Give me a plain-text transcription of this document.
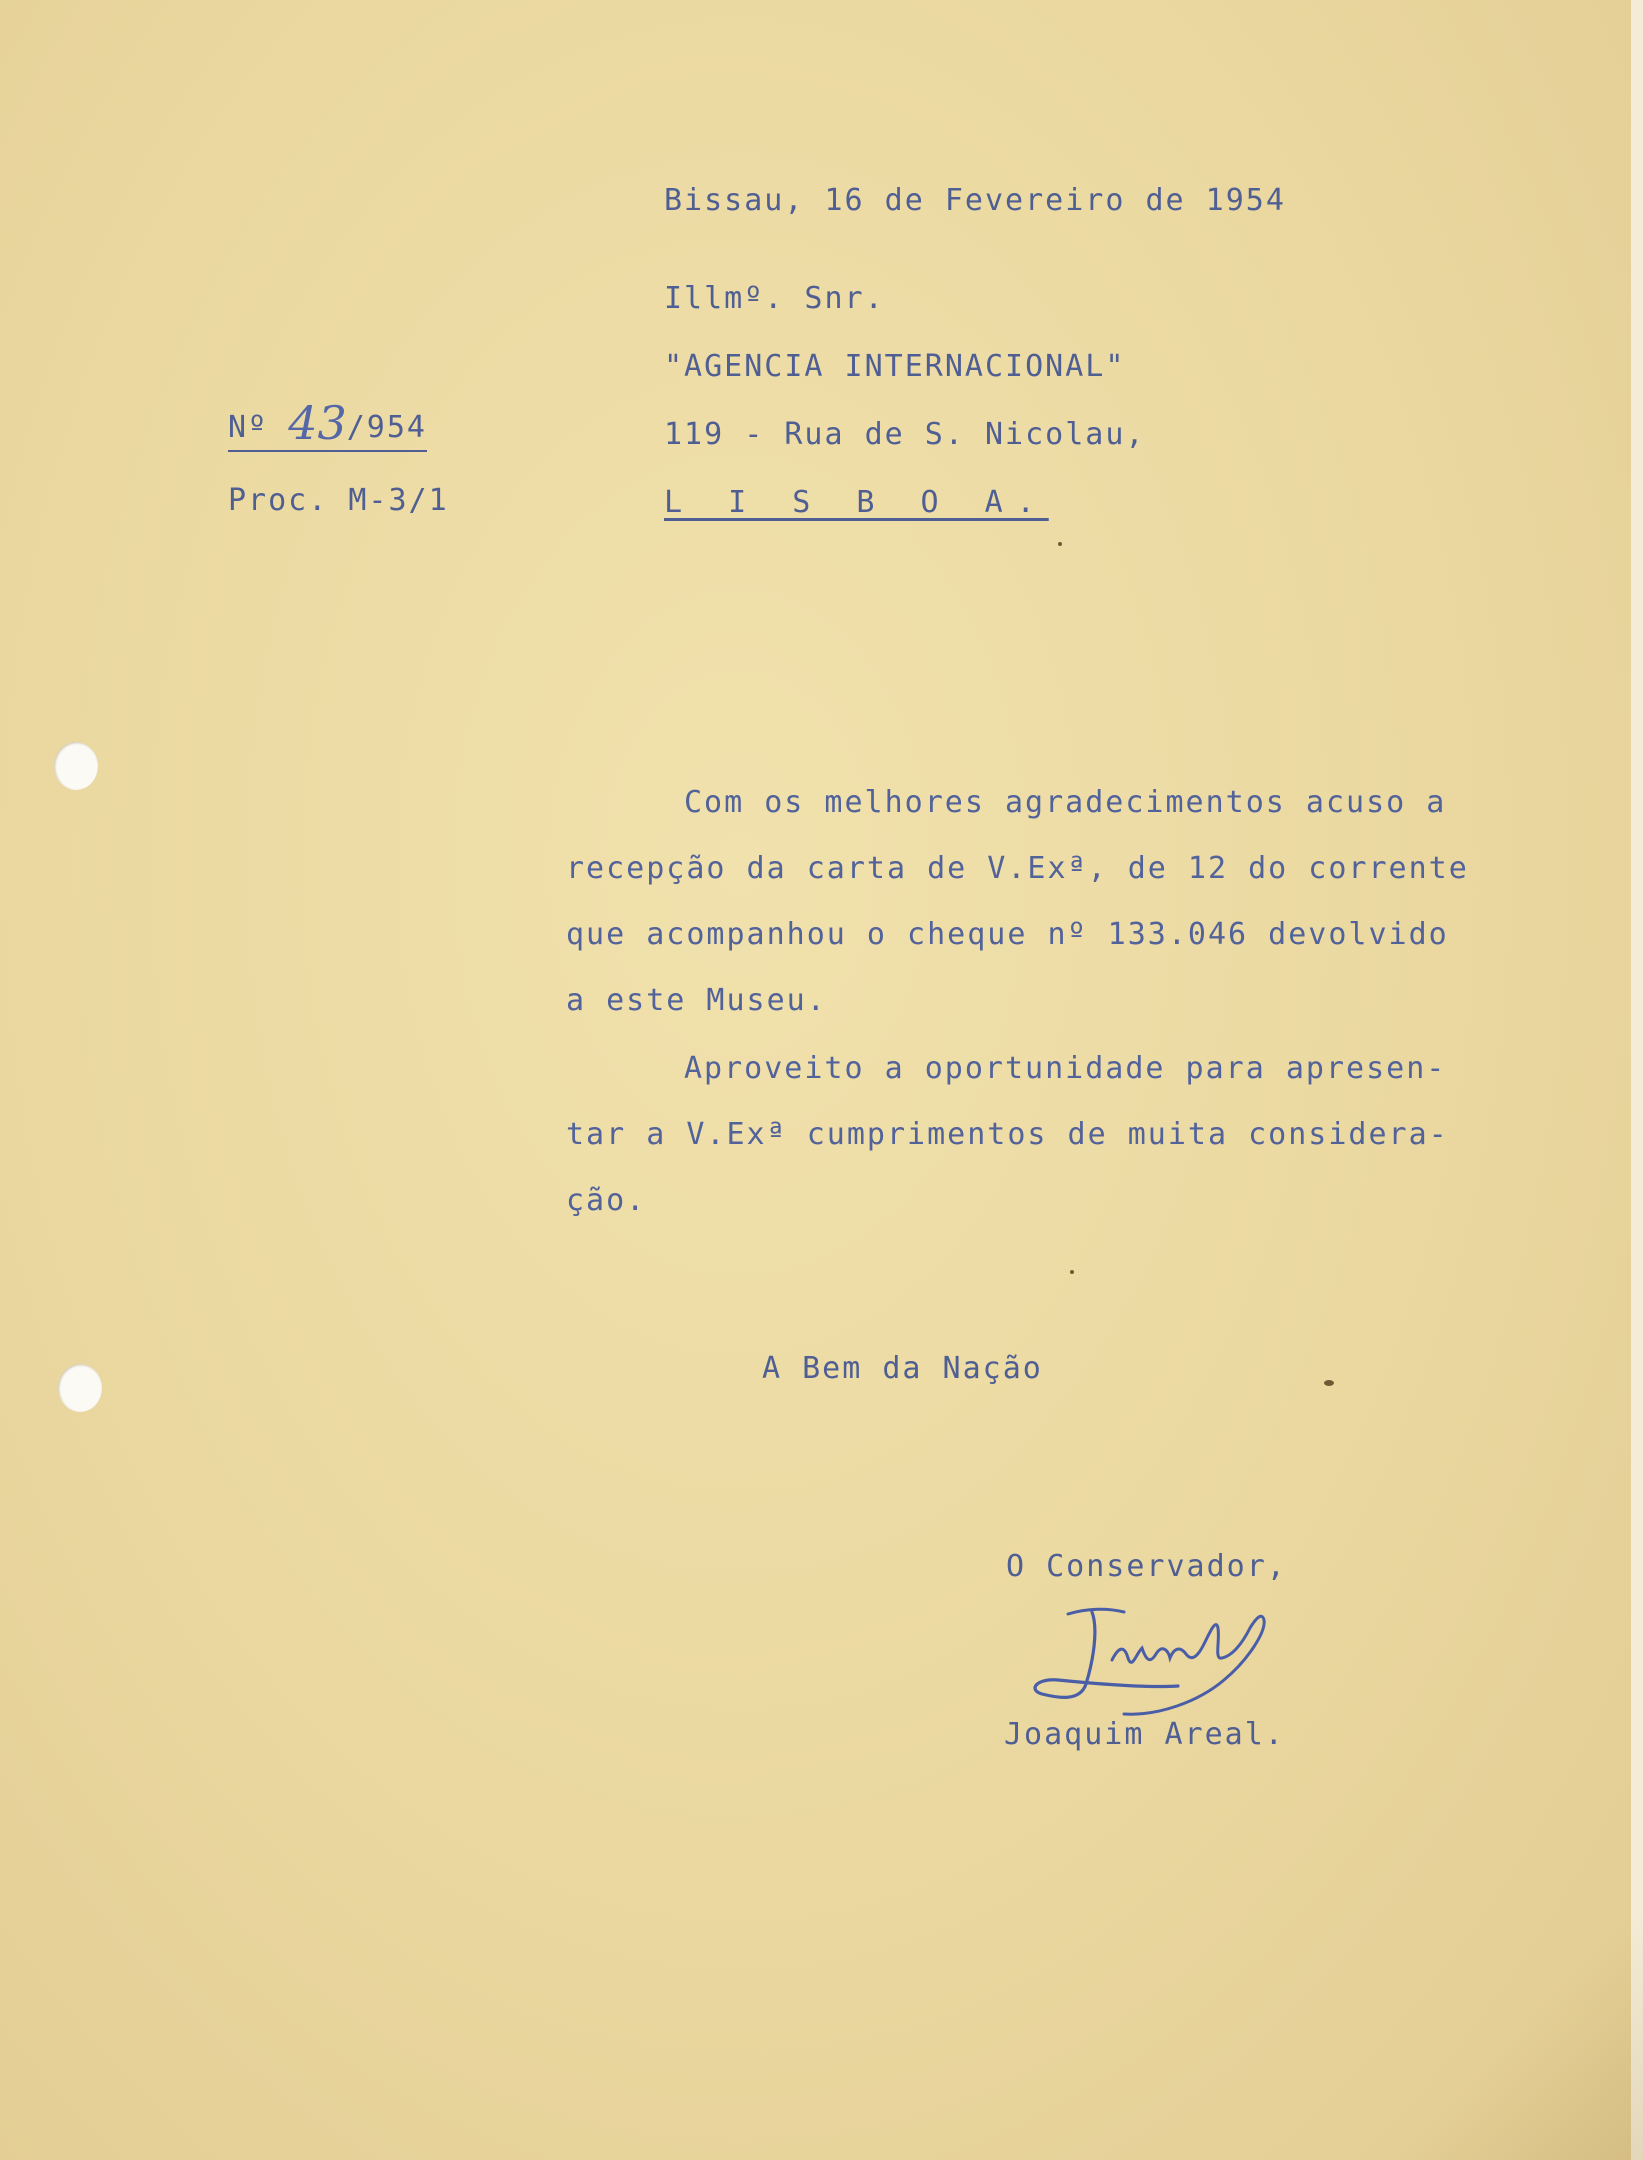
Bissau, 16 de Fevereiro de 1954
Illmº. Snr.
"AGENCIA INTERNACIONAL"
119 - Rua de S. Nicolau,
L I S B O A.
Nº 43/954
Proc. M-3/1
Com os melhores agradecimentos acuso a
recepção da carta de V.Exª, de 12 do corrente
que acompanhou o cheque nº 133.046 devolvido
a este Museu.
Aproveito a oportunidade para apresen-
tar a V.Exª cumprimentos de muita considera-
ção.
A Bem da Nação
O Conservador,
Joaquim Areal.
